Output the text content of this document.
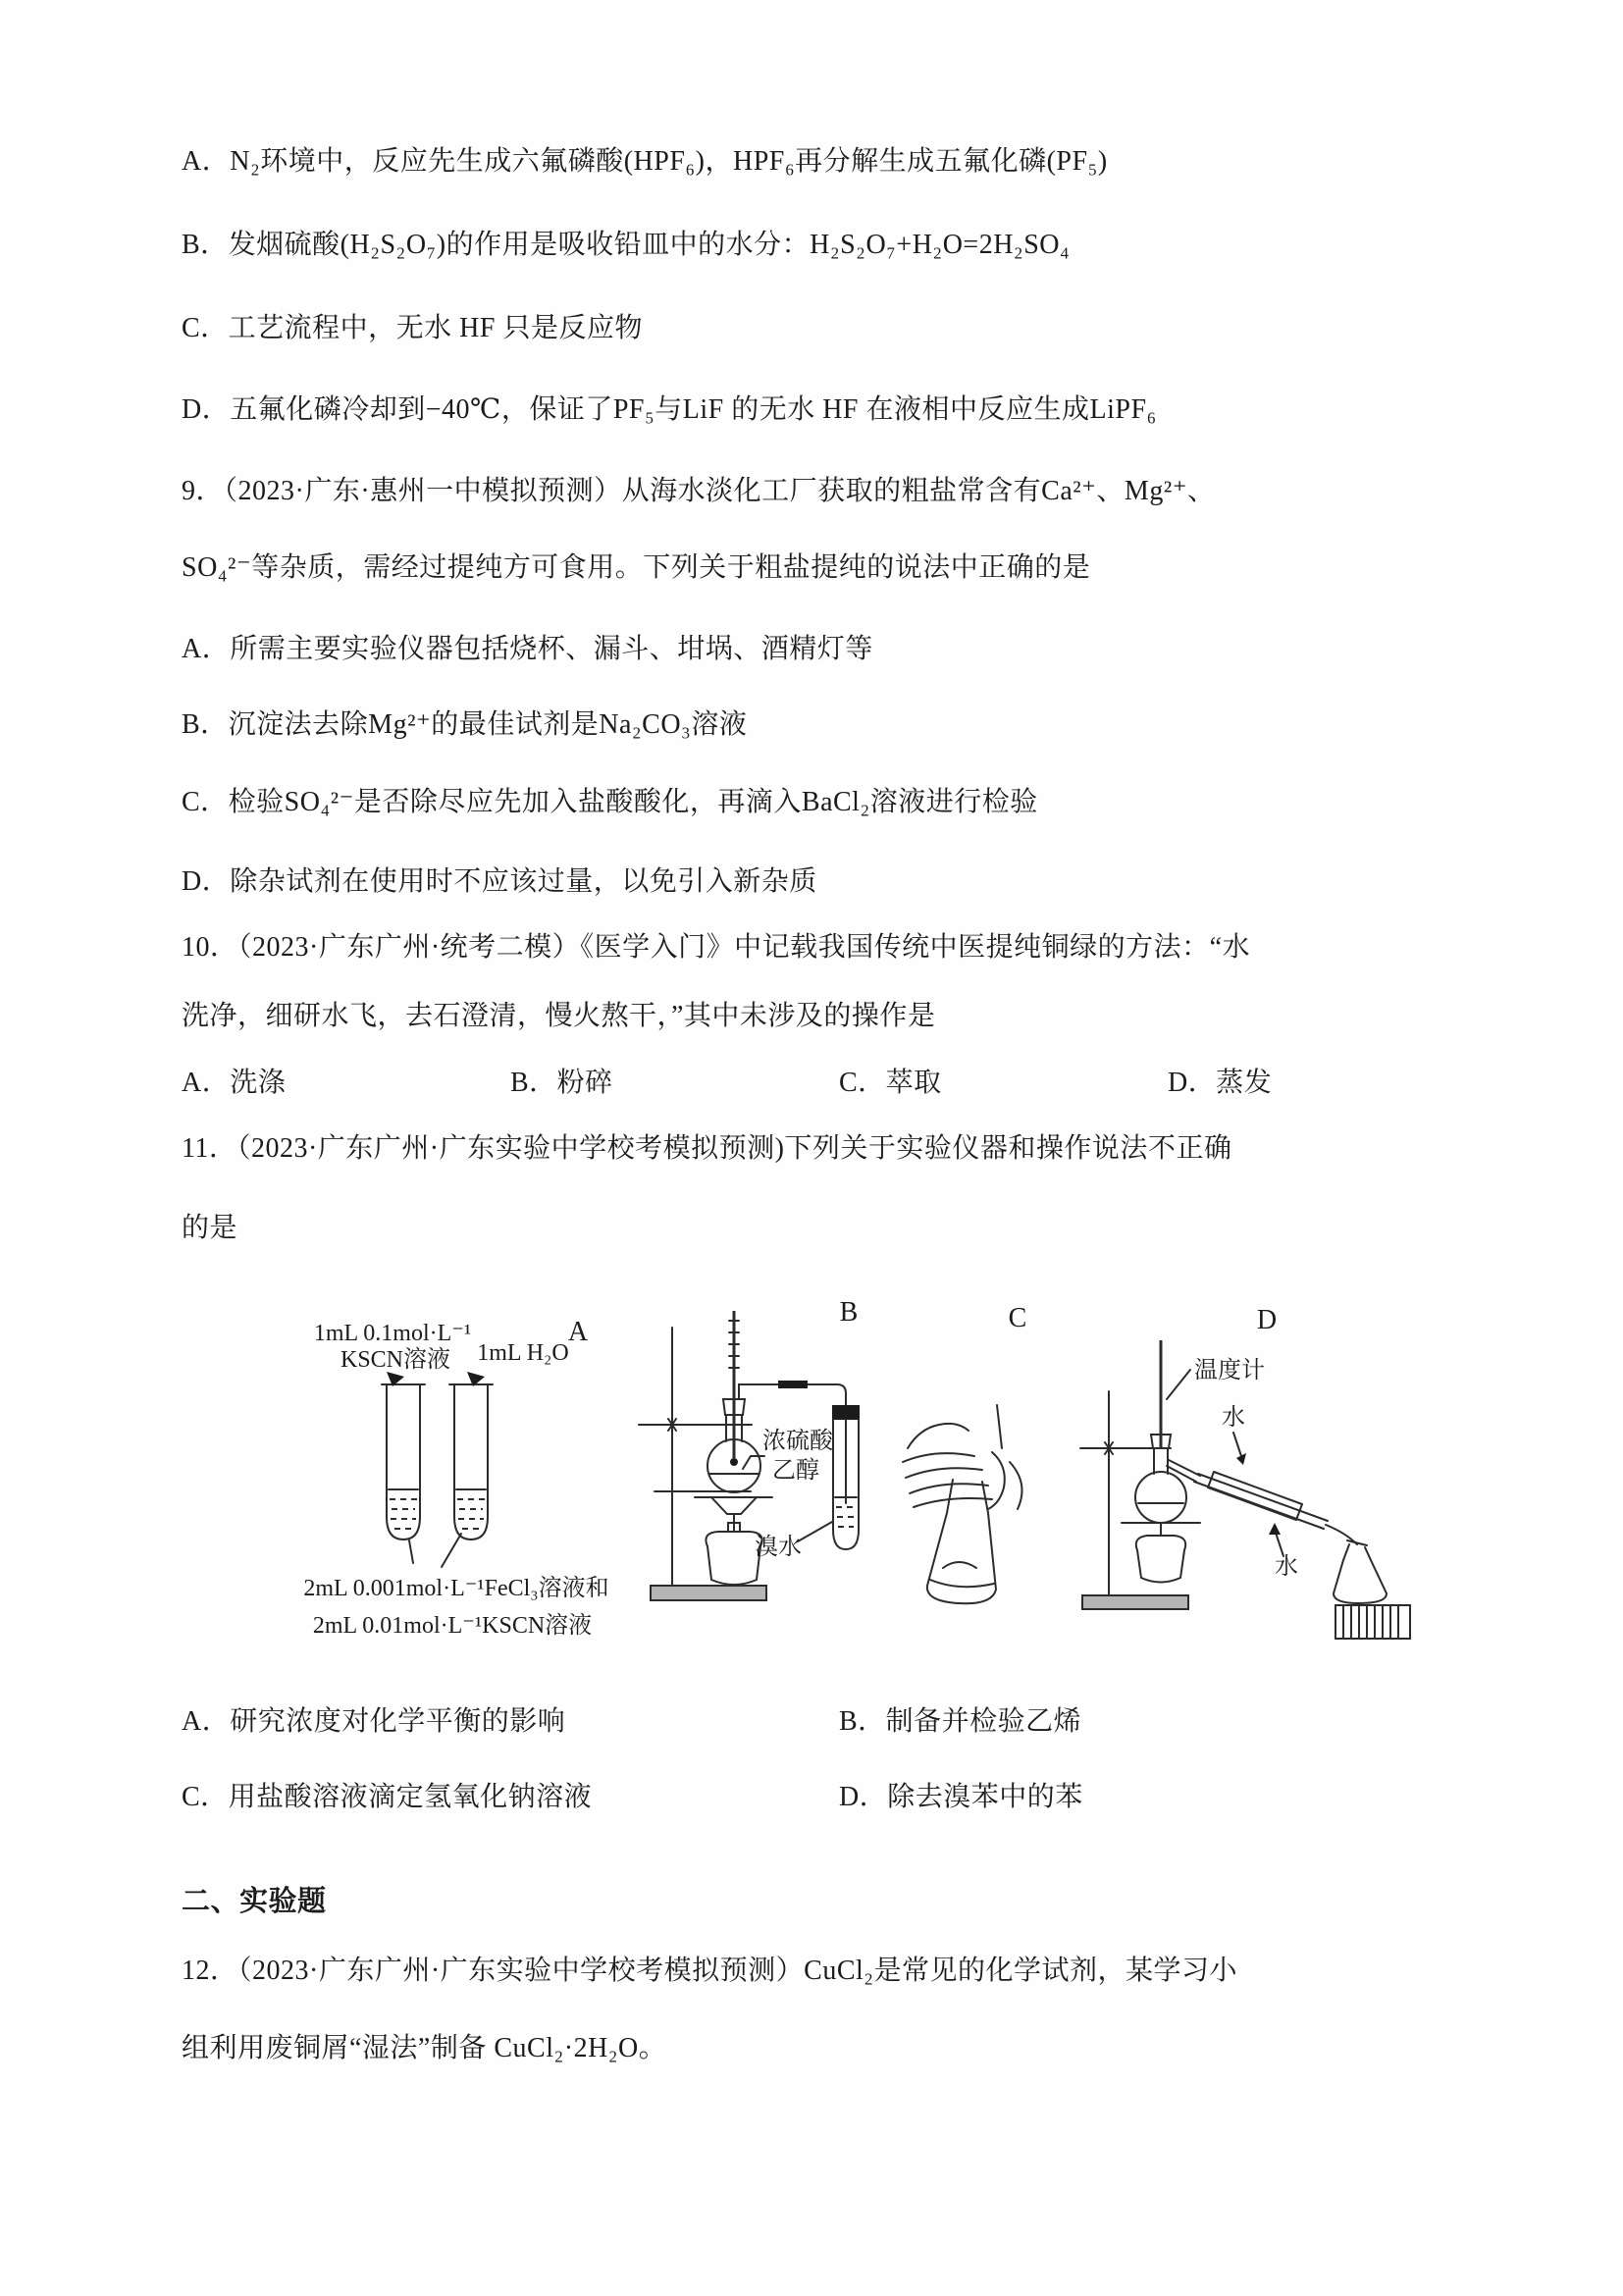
A．N₂环境中，反应先生成六氟磷酸(HPF₆)，HPF₆再分解生成五氟化磷(PF₅)
B．发烟硫酸(H₂S₂O₇)的作用是吸收铅皿中的水分：H₂S₂O₇+H₂O=2H₂SO₄
C．工艺流程中，无水 HF 只是反应物
D．五氟化磷冷却到−40℃，保证了PF₅与LiF 的无水 HF 在液相中反应生成LiPF₆
9．（2023·广东·惠州一中模拟预测）从海水淡化工厂获取的粗盐常含有Ca²⁺、Mg²⁺、
SO₄²⁻等杂质，需经过提纯方可食用。下列关于粗盐提纯的说法中正确的是
A．所需主要实验仪器包括烧杯、漏斗、坩埚、酒精灯等
B．沉淀法去除Mg²⁺的最佳试剂是Na₂CO₃溶液
C．检验SO₄²⁻是否除尽应先加入盐酸酸化，再滴入BaCl₂溶液进行检验
D．除杂试剂在使用时不应该过量，以免引入新杂质
10．（2023·广东广州·统考二模）《医学入门》中记载我国传统中医提纯铜绿的方法：“水
洗净，细研水飞，去石澄清，慢火熬干，”其中未涉及的操作是
A．洗涤	B．粉碎	C．萃取	D．蒸发
11．（2023·广东广州·广东实验中学校考模拟预测)下列关于实验仪器和操作说法不正确
的是
1mL 0.1mol·L⁻¹
KSCN溶液 1mL H₂O
A
2mL 0.001mol·L⁻¹FeCl₃溶液和
2mL 0.01mol·L⁻¹KSCN溶液
浓硫酸
乙醇
溴水
B	C	D
温度计
水
水
A．研究浓度对化学平衡的影响	B．制备并检验乙烯
C．用盐酸溶液滴定氢氧化钠溶液	D．除去溴苯中的苯
二、实验题
12．（2023·广东广州·广东实验中学校考模拟预测）CuCl₂是常见的化学试剂，某学习小
组利用废铜屑“湿法”制备 CuCl₂·2H₂O。
